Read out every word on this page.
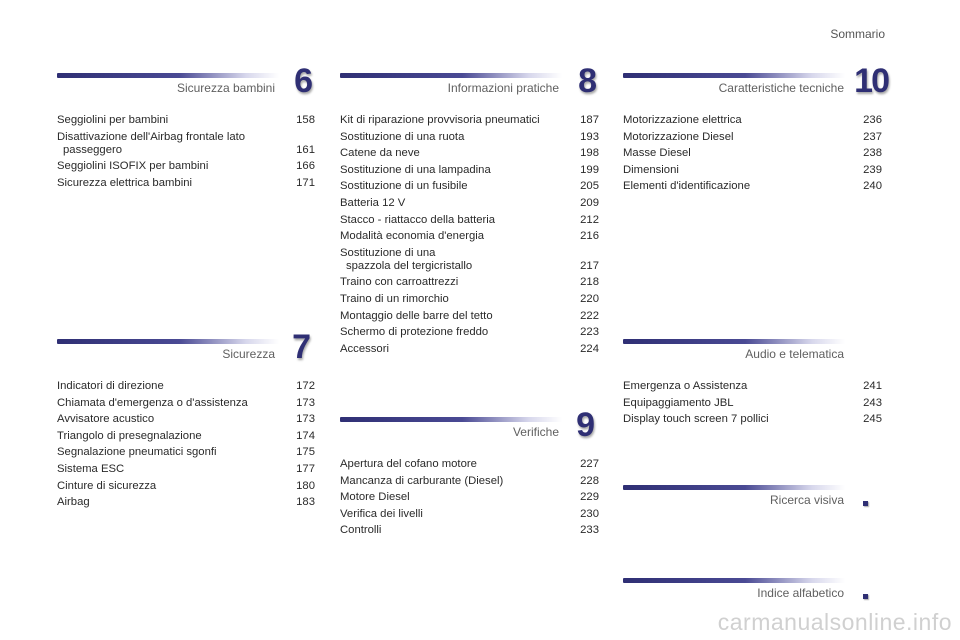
Sommario
Sicurezza bambini 6
Seggiolini per bambini	158
Disattivazione dell'Airbag frontale lato
passeggero	161
Seggiolini ISOFIX per bambini	166
Sicurezza elettrica bambini	171
Sicurezza 7
Indicatori di direzione	172
Chiamata d'emergenza o d'assistenza	173
Avvisatore acustico	173
Triangolo di presegnalazione	174
Segnalazione pneumatici sgonfi	175
Sistema ESC	177
Cinture di sicurezza	180
Airbag	183
Informazioni pratiche 8
Kit di riparazione provvisoria pneumatici	187
Sostituzione di una ruota	193
Catene da neve	198
Sostituzione di una lampadina	199
Sostituzione di un fusibile	205
Batteria 12 V	209
Stacco - riattacco della batteria	212
Modalità economia d'energia	216
Sostituzione di una
spazzola del tergicristallo	217
Traino con carroattrezzi	218
Traino di un rimorchio	220
Montaggio delle barre del tetto	222
Schermo di protezione freddo	223
Accessori	224
Verifiche 9
Apertura del cofano motore	227
Mancanza di carburante (Diesel)	228
Motore Diesel	229
Verifica dei livelli	230
Controlli	233
Caratteristiche tecniche 10
Motorizzazione elettrica	236
Motorizzazione Diesel	237
Masse Diesel	238
Dimensioni	239
Elementi d'identificazione	240
Audio e telematica
Emergenza o Assistenza	241
Equipaggiamento JBL	243
Display touch screen 7 pollici	245
Ricerca visiva
Indice alfabetico
carmanualsonline.info
